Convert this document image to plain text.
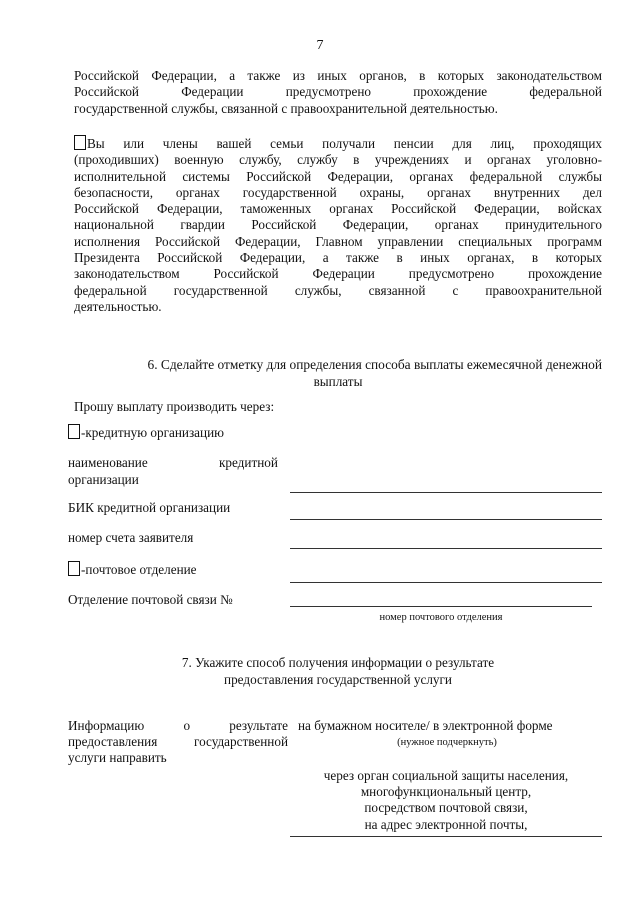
7
Российской Федерации, а также из иных органов, в которых законодательством
Российской Федерации предусмотрено прохождение федеральной
государственной службы, связанной с правоохранительной деятельностью.
Вы или члены вашей семьи получали пенсии для лиц, проходящих
(проходивших) военную службу, службу в учреждениях и органах уголовно-
исполнительной системы Российской Федерации, органах федеральной службы
безопасности, органах государственной охраны, органах внутренних дел
Российской Федерации, таможенных органах Российской Федерации, войсках
национальной гвардии Российской Федерации, органах принудительного
исполнения Российской Федерации, Главном управлении специальных программ
Президента Российской Федерации, а также в иных органах, в которых
законодательством Российской Федерации предусмотрено прохождение
федеральной государственной службы, связанной с правоохранительной
деятельностью.
6. Сделайте отметку для определения способа выплаты ежемесячной денежной
выплаты
Прошу выплату производить через:
-кредитную организацию
наименование	кредитной
организации
БИК кредитной организации
номер счета заявителя
-почтовое отделение
Отделение почтовой связи №
номер почтового отделения
7. Укажите способ получения информации о результате
предоставления государственной услуги
Информацию о результате
предоставления государственной
услуги направить
на бумажном носителе/ в электронной форме
(нужное подчеркнуть)
через орган социальной защиты населения,
многофункциональный центр,
посредством почтовой связи,
на адрес электронной почты,
